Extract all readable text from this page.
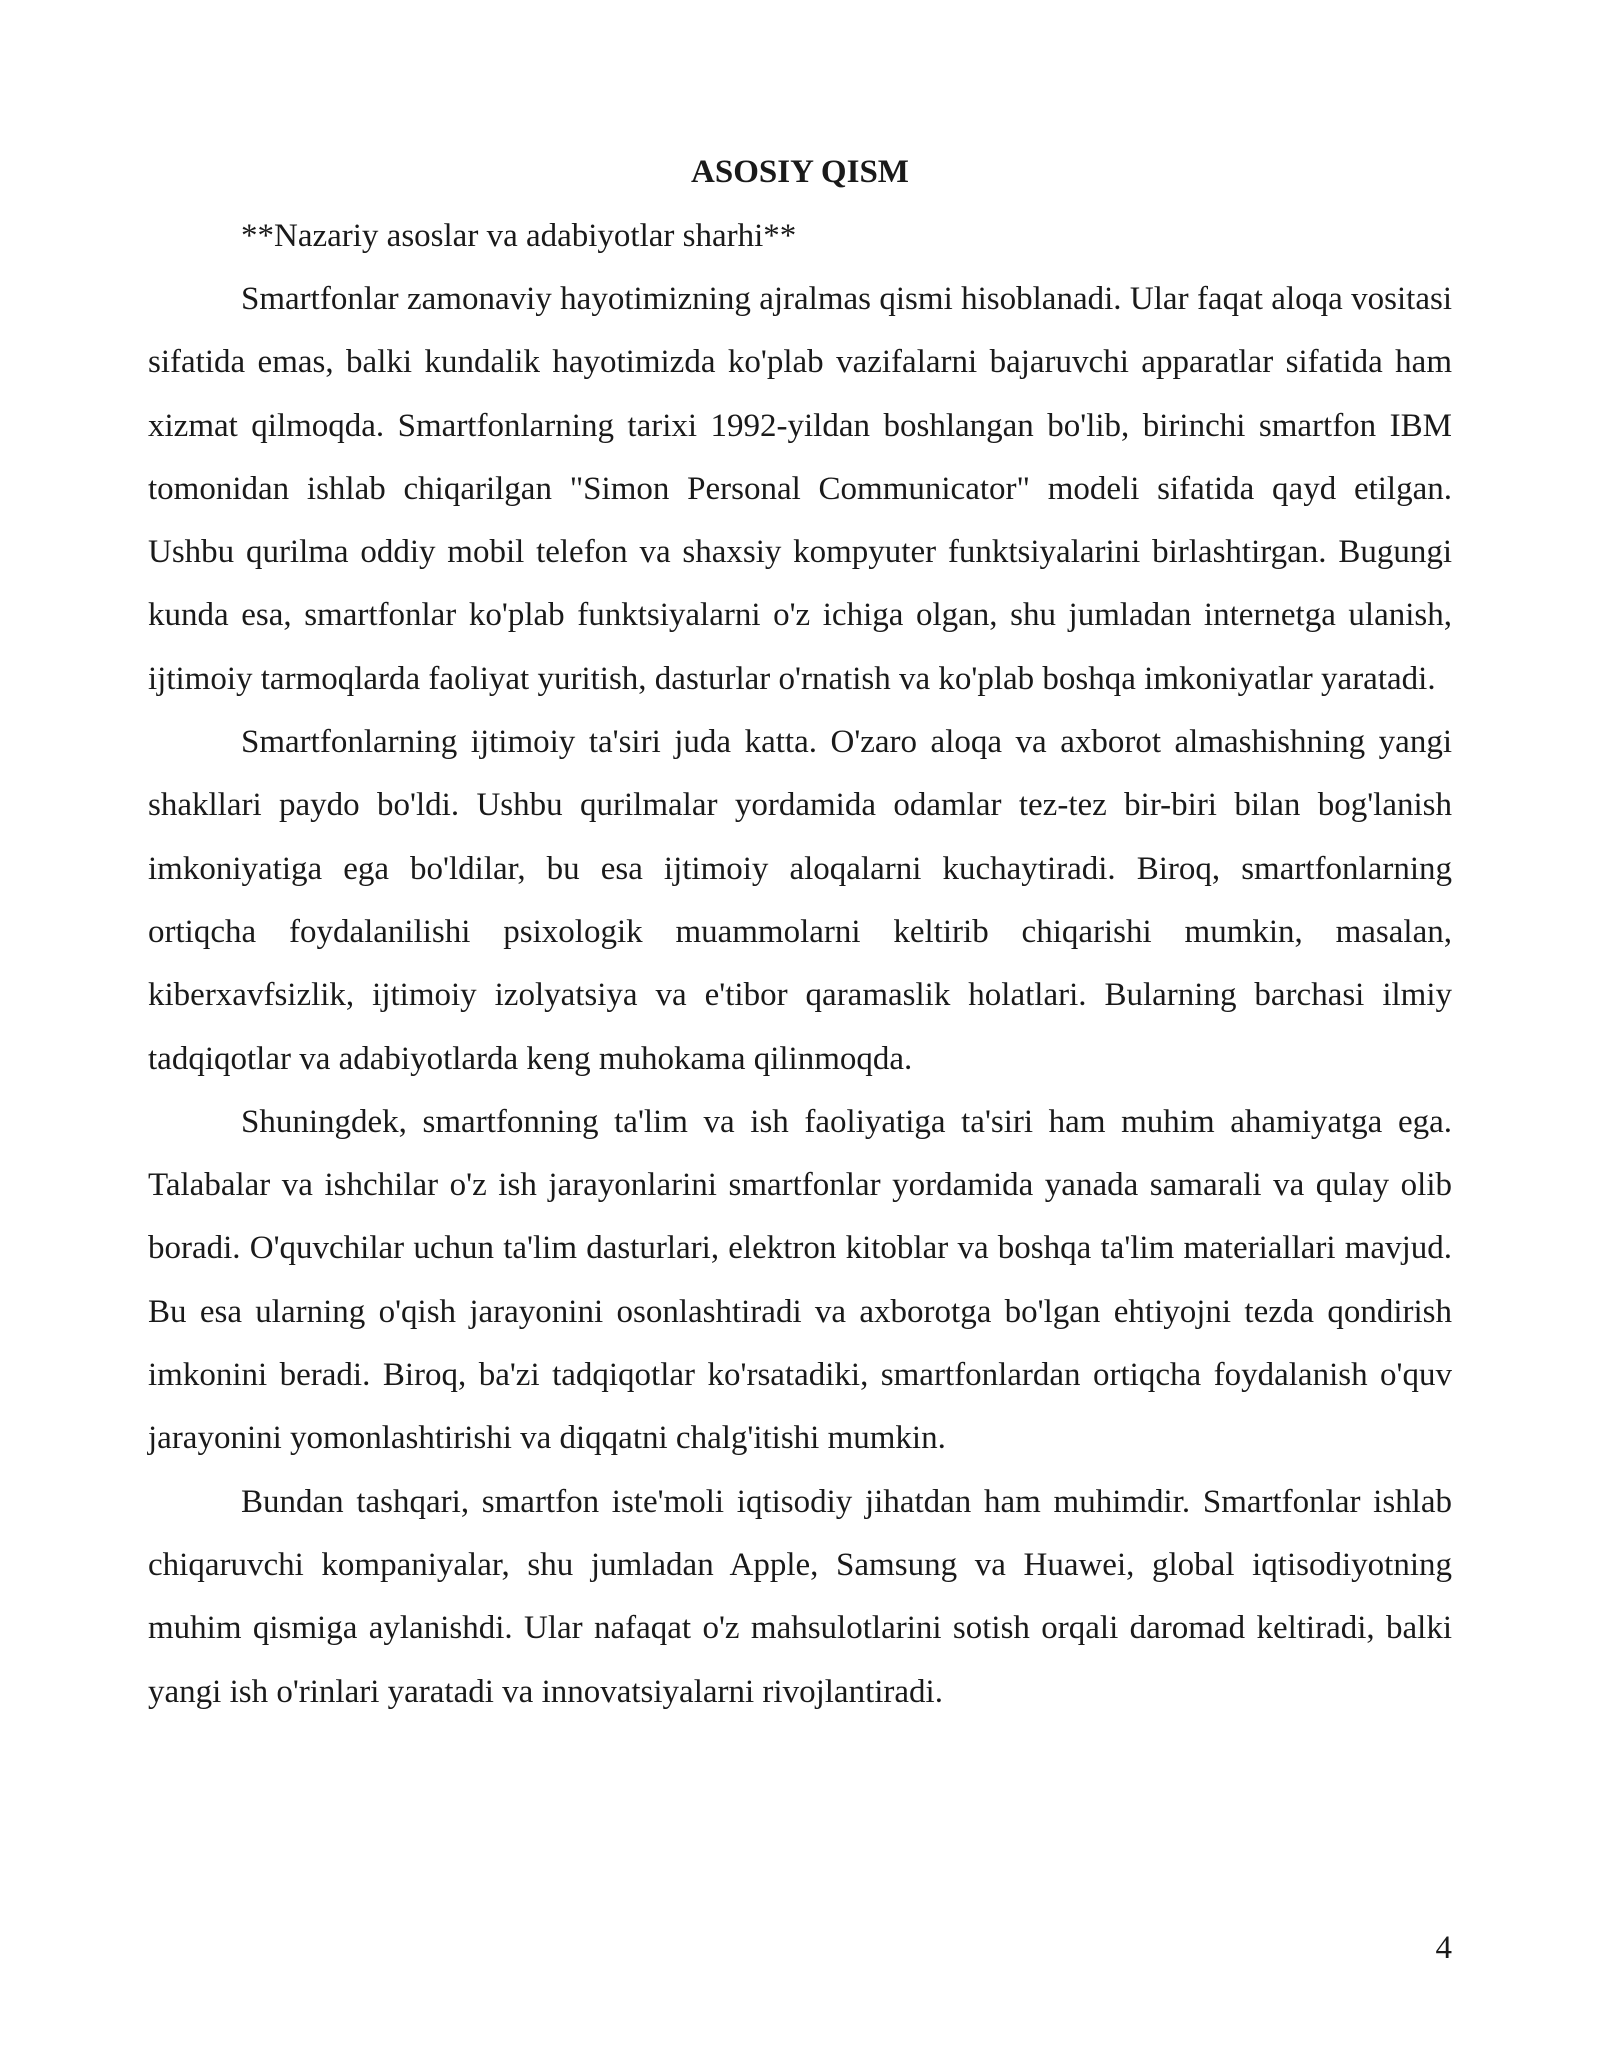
ASOSIY QISM

**Nazariy asoslar va adabiyotlar sharhi**

Smartfonlar zamonaviy hayotimizning ajralmas qismi hisoblanadi. Ular faqat aloqa vositasi sifatida emas, balki kundalik hayotimizda ko'plab vazifalarni bajaruvchi apparatlar sifatida ham xizmat qilmoqda. Smartfonlarning tarixi 1992-yildan boshlangan bo'lib, birinchi smartfon IBM tomonidan ishlab chiqarilgan "Simon Personal Communicator" modeli sifatida qayd etilgan. Ushbu qurilma oddiy mobil telefon va shaxsiy kompyuter funktsiyalarini birlashtirgan. Bugungi kunda esa, smartfonlar ko'plab funktsiyalarni o'z ichiga olgan, shu jumladan internetga ulanish, ijtimoiy tarmoqlarda faoliyat yuritish, dasturlar o'rnatish va ko'plab boshqa imkoniyatlar yaratadi.

Smartfonlarning ijtimoiy ta'siri juda katta. O'zaro aloqa va axborot almashishning yangi shakllari paydo bo'ldi. Ushbu qurilmalar yordamida odamlar tez-tez bir-biri bilan bog'lanish imkoniyatiga ega bo'ldilar, bu esa ijtimoiy aloqalarni kuchaytiradi. Biroq, smartfonlarning ortiqcha foydalanilishi psixologik muammolarni keltirib chiqarishi mumkin, masalan, kiberxavfsizlik, ijtimoiy izolyatsiya va e'tibor qaramaslik holatlari. Bularning barchasi ilmiy tadqiqotlar va adabiyotlarda keng muhokama qilinmoqda.

Shuningdek, smartfonning ta'lim va ish faoliyatiga ta'siri ham muhim ahamiyatga ega. Talabalar va ishchilar o'z ish jarayonlarini smartfonlar yordamida yanada samarali va qulay olib boradi. O'quvchilar uchun ta'lim dasturlari, elektron kitoblar va boshqa ta'lim materiallari mavjud. Bu esa ularning o'qish jarayonini osonlashtiradi va axborotga bo'lgan ehtiyojni tezda qondirish imkonini beradi. Biroq, ba'zi tadqiqotlar ko'rsatadiki, smartfonlardan ortiqcha foydalanish o'quv jarayonini yomonlashtirishi va diqqatni chalg'itishi mumkin.

Bundan tashqari, smartfon iste'moli iqtisodiy jihatdan ham muhimdir. Smartfonlar ishlab chiqaruvchi kompaniyalar, shu jumladan Apple, Samsung va Huawei, global iqtisodiyotning muhim qismiga aylanishdi. Ular nafaqat o'z mahsulotlarini sotish orqali daromad keltiradi, balki yangi ish o'rinlari yaratadi va innovatsiyalarni rivojlantiradi.

4
